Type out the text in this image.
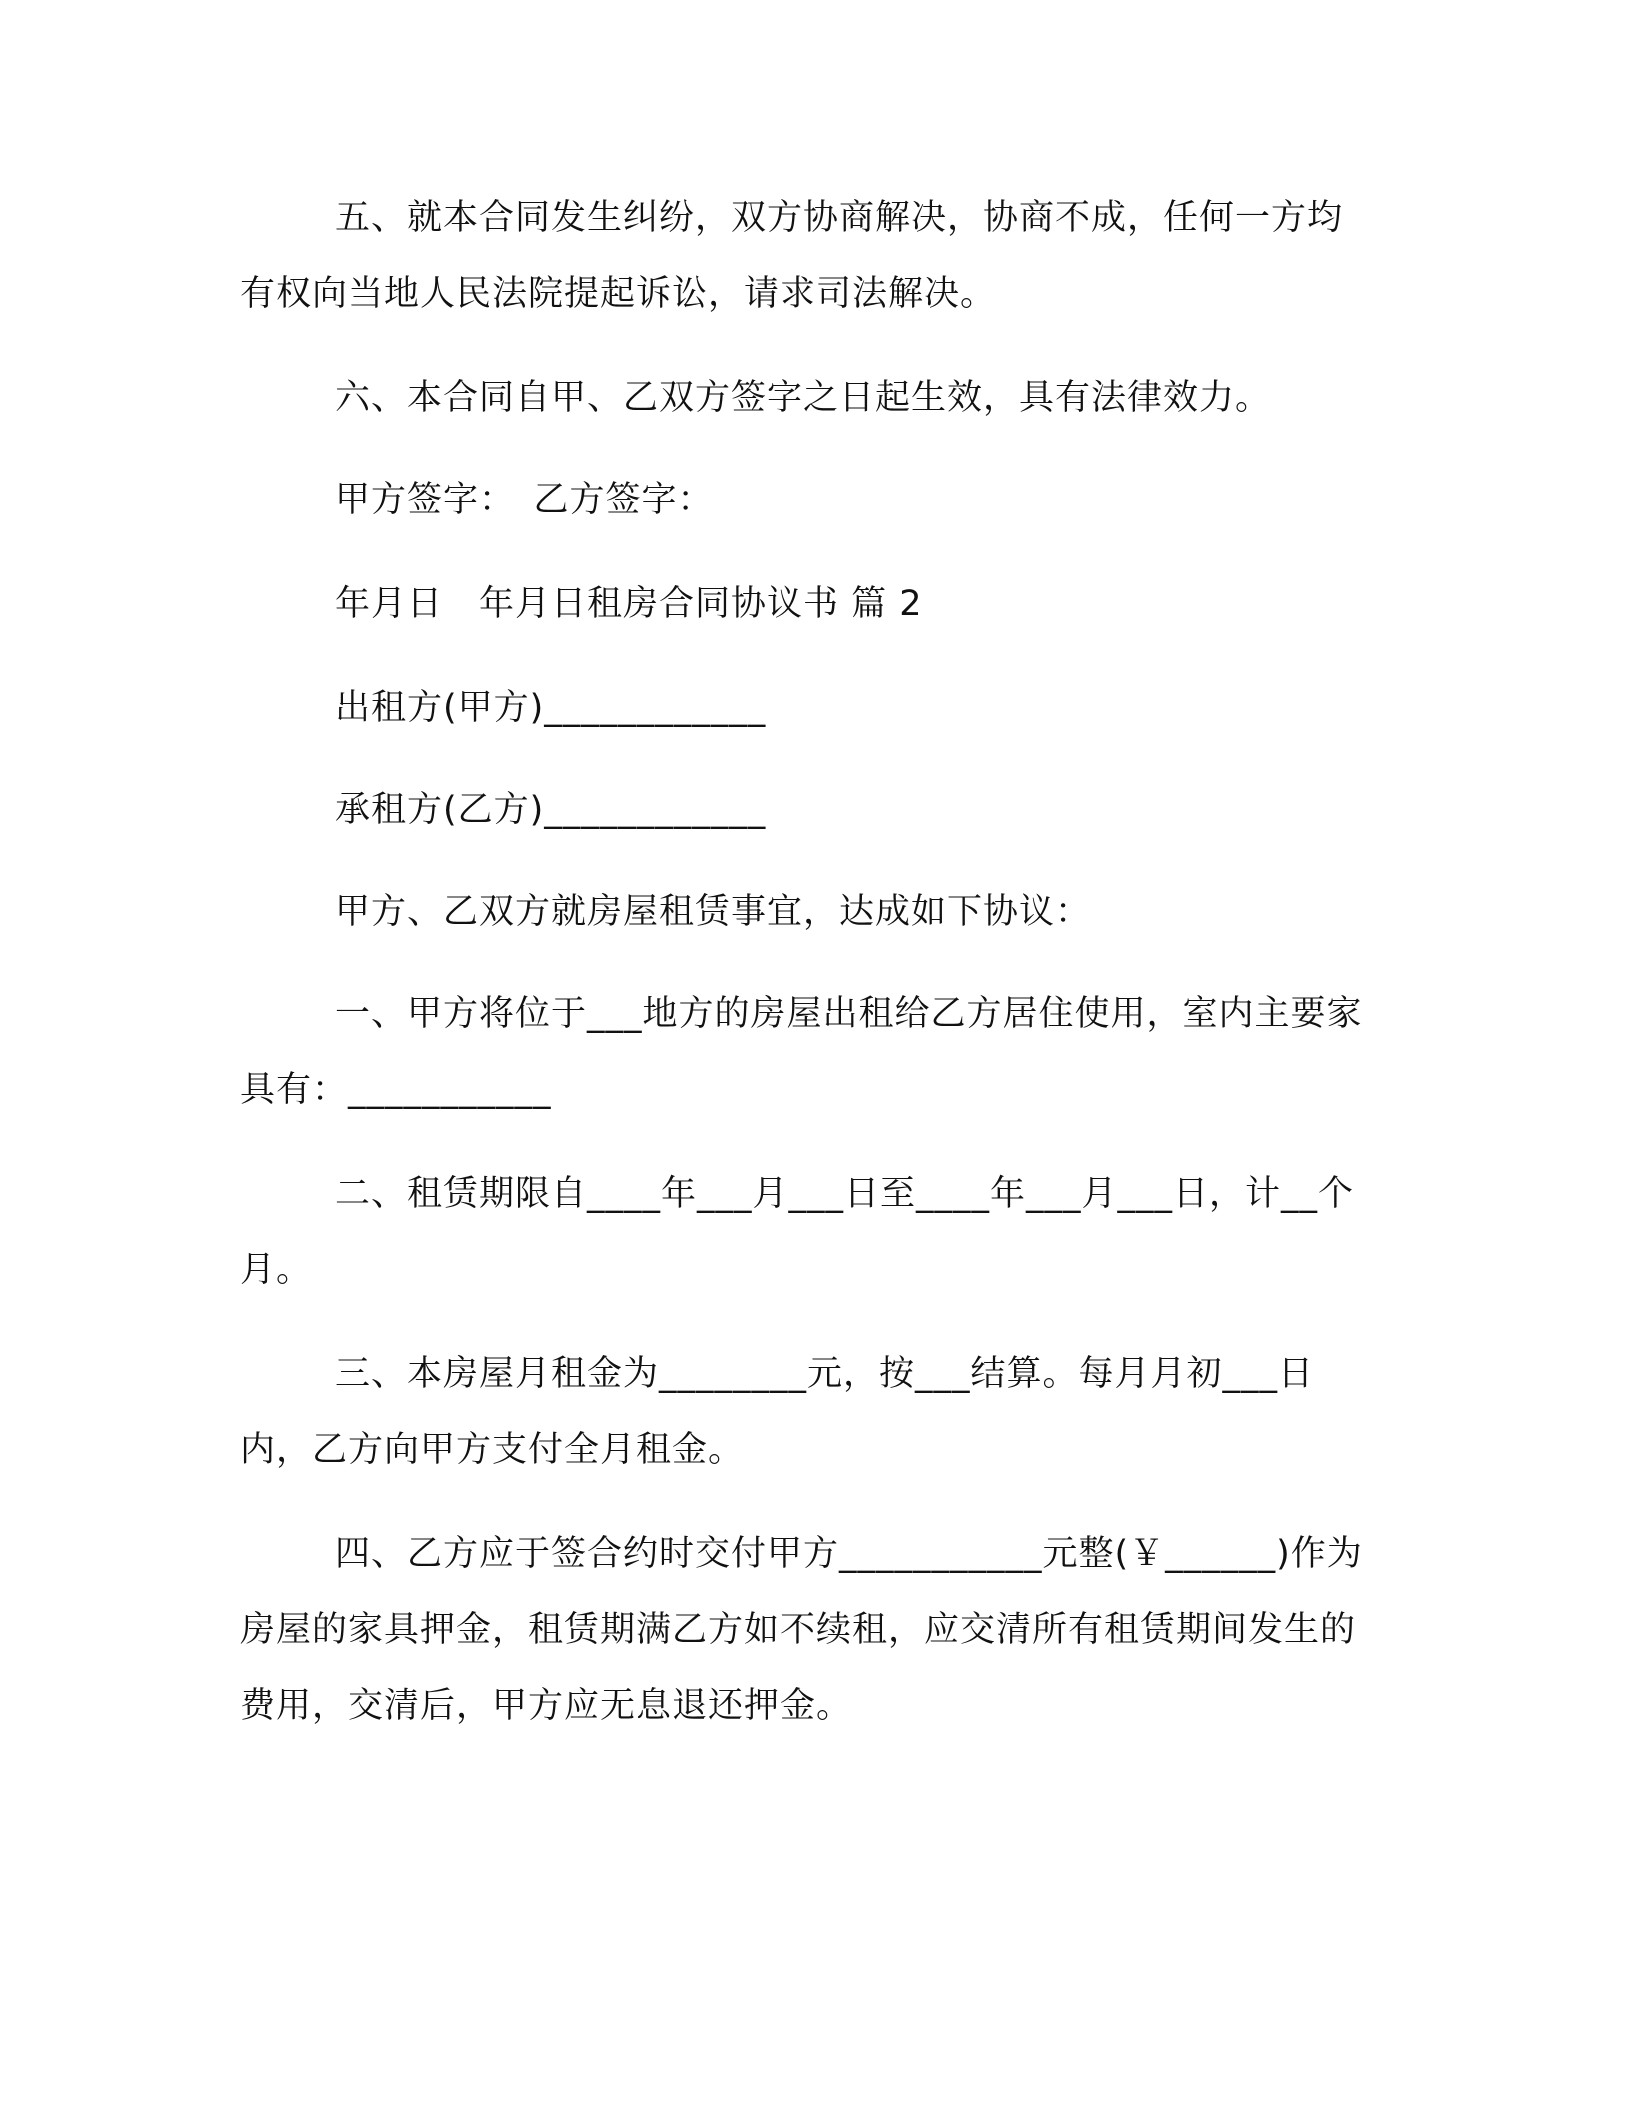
五、就本合同发生纠纷，双方协商解决，协商不成，任何一方均有权向当地人民法院提起诉讼，请求司法解决。

六、本合同自甲、乙双方签字之日起生效，具有法律效力。

甲方签字：　乙方签字：

年月日　年月日租房合同协议书 篇 2

出租方(甲方)____________

承租方(乙方)____________

甲方、乙双方就房屋租赁事宜，达成如下协议：

一、甲方将位于___地方的房屋出租给乙方居住使用，室内主要家具有：___________

二、租赁期限自____年___月___日至____年___月___日，计__个月。

三、本房屋月租金为________元，按___结算。每月月初___日内，乙方向甲方支付全月租金。

四、乙方应于签合约时交付甲方___________元整(￥______)作为房屋的家具押金，租赁期满乙方如不续租，应交清所有租赁期间发生的费用，交清后，甲方应无息退还押金。
